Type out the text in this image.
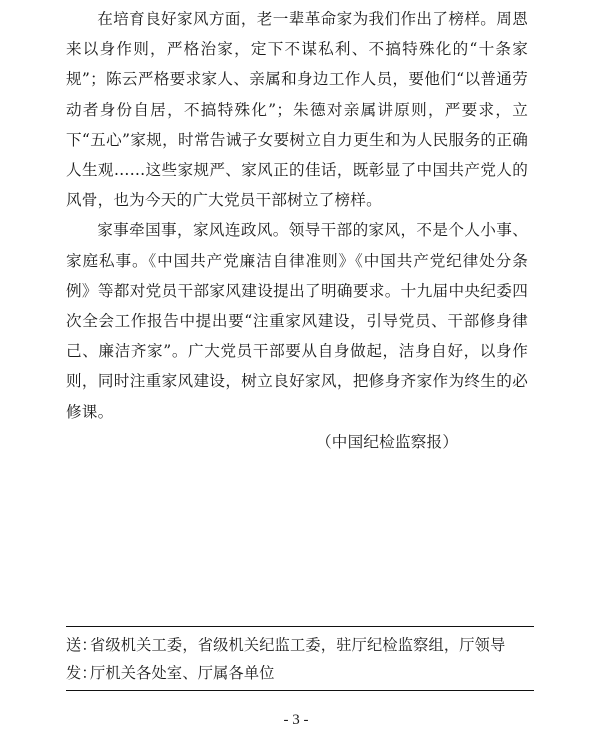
在培育良好家风方面，老一辈革命家为我们作出了榜样。周恩来以身作则，严格治家，定下不谋私利、不搞特殊化的“十条家规”；陈云严格要求家人、亲属和身边工作人员，要他们“以普通劳动者身份自居，不搞特殊化”；朱德对亲属讲原则，严要求，立下“五心”家规，时常告诫子女要树立自力更生和为人民服务的正确人生观……这些家规严、家风正的佳话，既彰显了中国共产党人的风骨，也为今天的广大党员干部树立了榜样。

家事牵国事，家风连政风。领导干部的家风，不是个人小事、家庭私事。《中国共产党廉洁自律准则》《中国共产党纪律处分条例》等都对党员干部家风建设提出了明确要求。十九届中央纪委四次全会工作报告中提出要“注重家风建设，引导党员、干部修身律己、廉洁齐家”。广大党员干部要从自身做起，洁身自好，以身作则，同时注重家风建设，树立良好家风，把修身齐家作为终生的必修课。

（中国纪检监察报）
送：
省级机关工委，省级机关纪监工委，驻厅纪检监察组，厅领导
发：
厅机关各处室、厅属各单位
- 3 -
